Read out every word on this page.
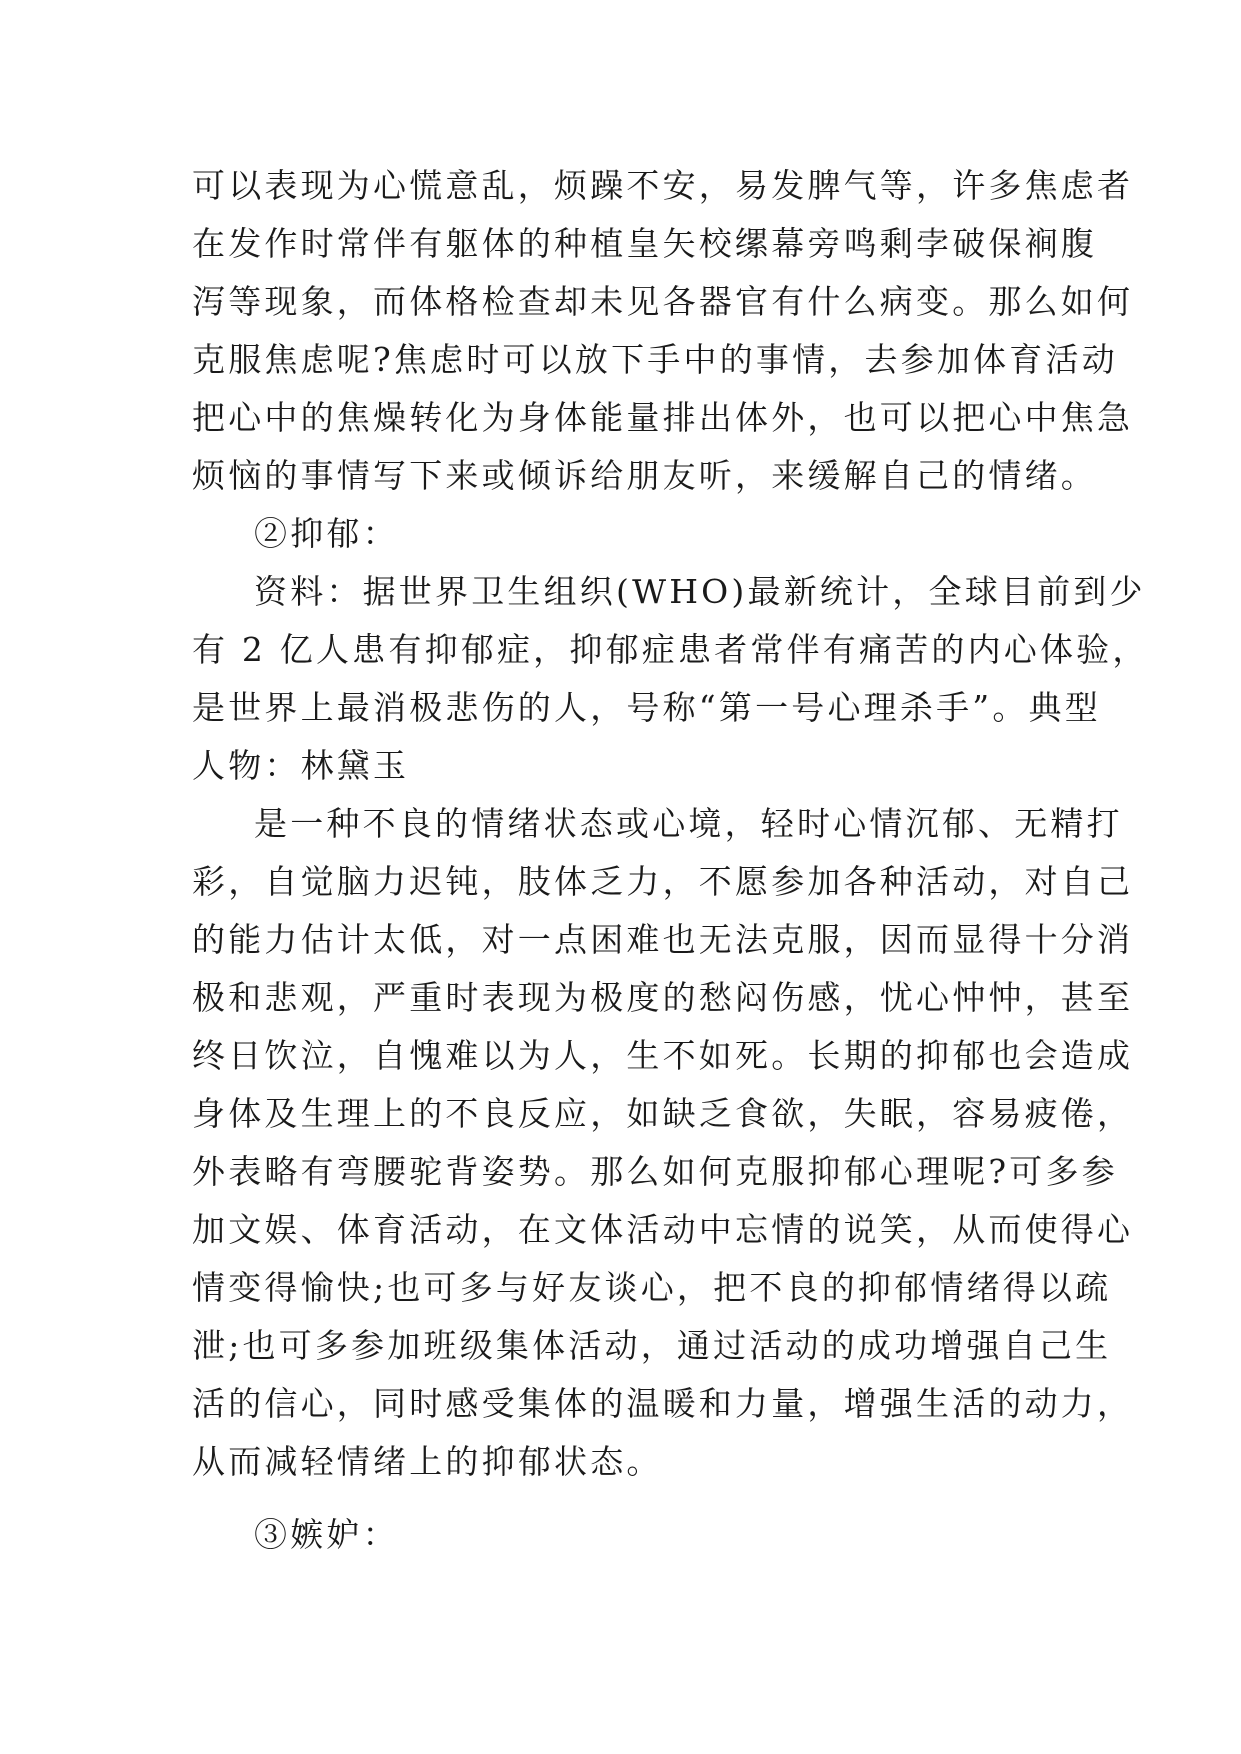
可以表现为心慌意乱，烦躁不安，易发脾气等，许多焦虑者
在发作时常伴有躯体的种植皇矢校缧幕旁鸣剩孛破保裥腹
泻等现象，而体格检查却未见各器官有什么病变。那么如何
克服焦虑呢?焦虑时可以放下手中的事情，去参加体育活动
把心中的焦燥转化为身体能量排出体外，也可以把心中焦急
烦恼的事情写下来或倾诉给朋友听，来缓解自己的情绪。
②抑郁：
资料：据世界卫生组织(WHO)最新统计，全球目前到少
有 2 亿人患有抑郁症，抑郁症患者常伴有痛苦的内心体验，
是世界上最消极悲伤的人，号称“第一号心理杀手”。典型
人物：林黛玉
是一种不良的情绪状态或心境，轻时心情沉郁、无精打
彩，自觉脑力迟钝，肢体乏力，不愿参加各种活动，对自己
的能力估计太低，对一点困难也无法克服，因而显得十分消
极和悲观，严重时表现为极度的愁闷伤感，忧心忡忡，甚至
终日饮泣，自愧难以为人，生不如死。长期的抑郁也会造成
身体及生理上的不良反应，如缺乏食欲，失眠，容易疲倦，
外表略有弯腰驼背姿势。那么如何克服抑郁心理呢?可多参
加文娱、体育活动，在文体活动中忘情的说笑，从而使得心
情变得愉快;也可多与好友谈心，把不良的抑郁情绪得以疏
泄;也可多参加班级集体活动，通过活动的成功增强自己生
活的信心，同时感受集体的温暖和力量，增强生活的动力，
从而减轻情绪上的抑郁状态。
③嫉妒：
